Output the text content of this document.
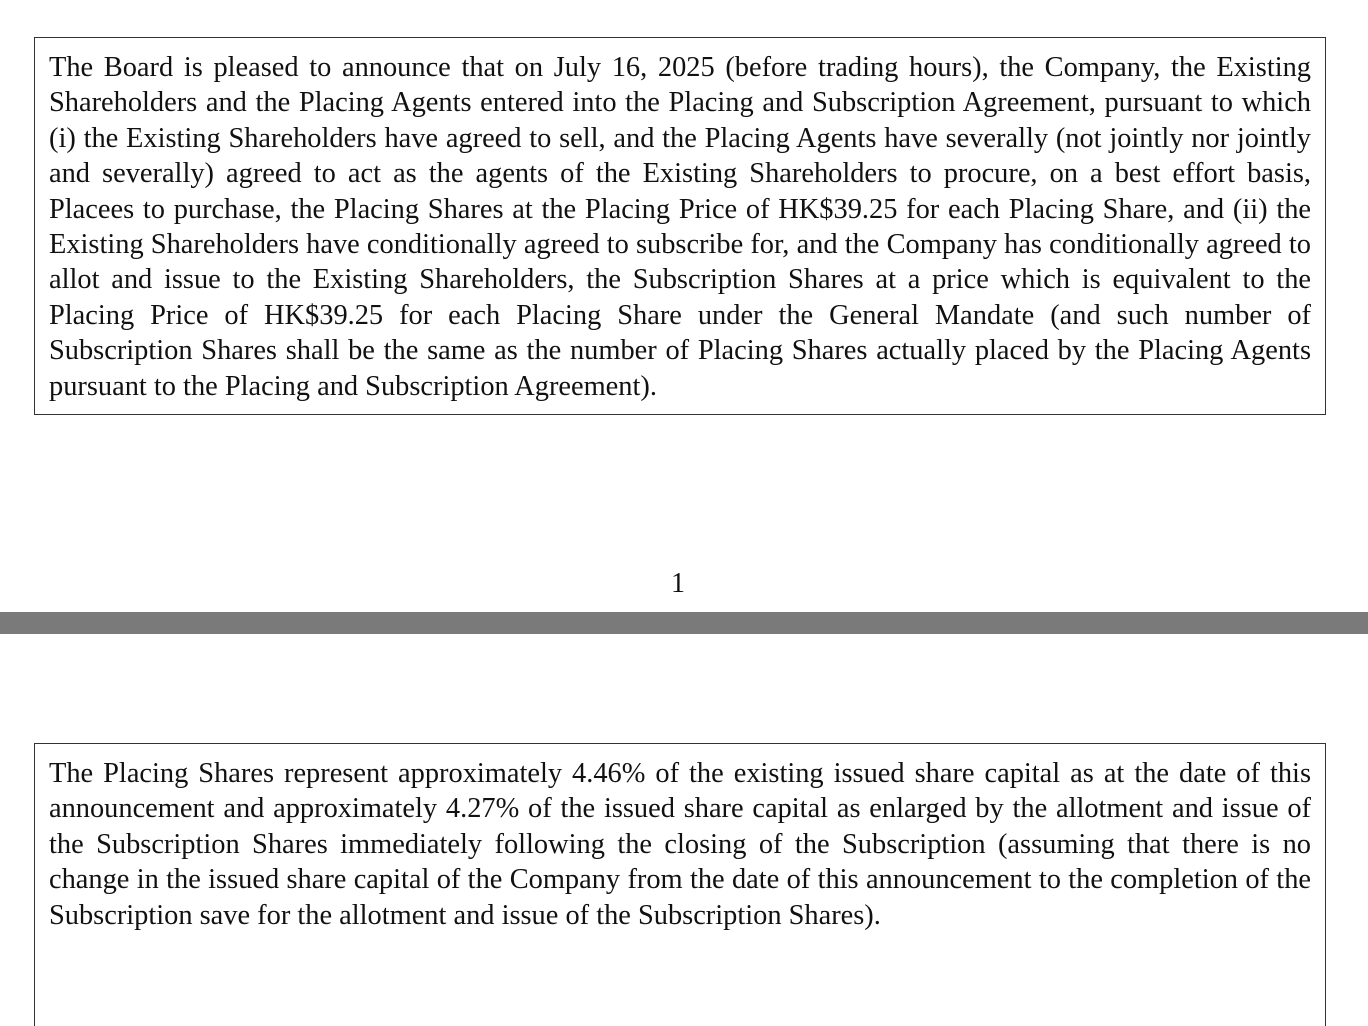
The Board is pleased to announce that on July 16, 2025 (before trading hours), the Company, the Existing Shareholders and the Placing Agents entered into the Placing and Subscription Agreement, pursuant to which (i) the Existing Shareholders have agreed to sell, and the Placing Agents have severally (not jointly nor jointly and severally) agreed to act as the agents of the Existing Shareholders to procure, on a best effort basis, Placees to purchase, the Placing Shares at the Placing Price of HK$39.25 for each Placing Share, and (ii) the Existing Shareholders have conditionally agreed to subscribe for, and the Company has conditionally agreed to allot and issue to the Existing Shareholders, the Subscription Shares at a price which is equivalent to the Placing Price of HK$39.25 for each Placing Share under the General Mandate (and such number of Subscription Shares shall be the same as the number of Placing Shares actually placed by the Placing Agents pursuant to the Placing and Subscription Agreement).
1
The Placing Shares represent approximately 4.46% of the existing issued share capital as at the date of this announcement and approximately 4.27% of the issued share capital as enlarged by the allotment and issue of the Subscription Shares immediately following the closing of the Subscription (assuming that there is no change in the issued share capital of the Company from the date of this announcement to the completion of the Subscription save for the allotment and issue of the Subscription Shares).
